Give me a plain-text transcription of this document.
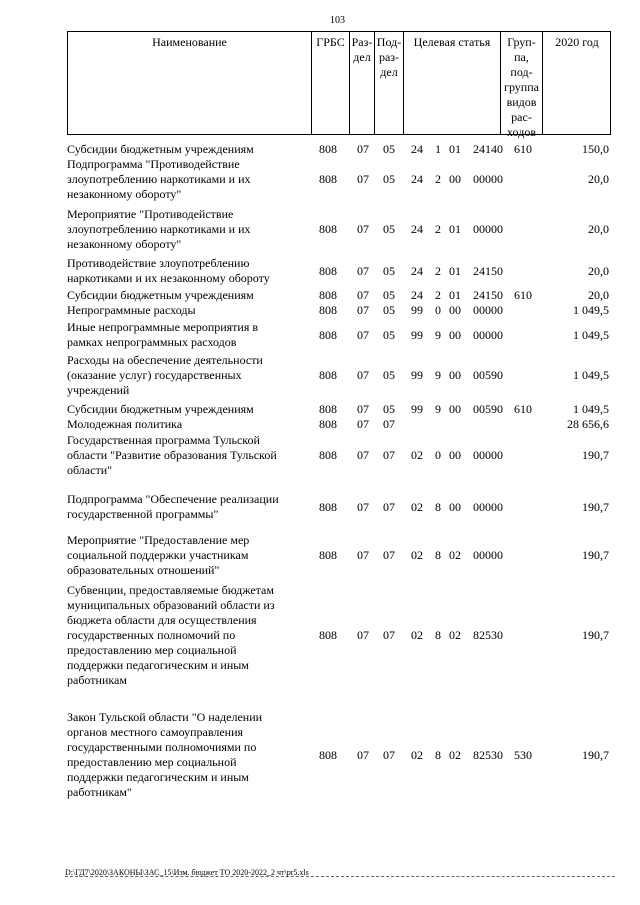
103
Наименование	ГРБС Раз-
дел
Под-
раз-
дел
Целевая статья	Груп-
па,
под-
группа
видов
рас-
ходов
2020 год
Субсидии бюджетным учреждениям	808 07 05 24 1 01 24140 610	150,0
Подпрограмма "Противодействие
злоупотреблению наркотиками и их
незаконному обороту"
808 07 05 24 2 00 00000	20,0
Мероприятие "Противодействие
злоупотреблению наркотиками и их
незаконному обороту"
808 07 05 24 2 01 00000	20,0
Противодействие злоупотреблению
наркотиками и их незаконному обороту	808 07 05 24 2 01 24150	20,0
Субсидии бюджетным учреждениям	808 07 05 24 2 01 24150 610	20,0
Непрограммные расходы	808 07 05 99 0 00 00000	1 049,5
Иные непрограммные мероприятия в
рамках непрограммных расходов	808 07 05 99 9 00 00000	1 049,5
Расходы на обеспечение деятельности
(оказание услуг) государственных
учреждений
808 07 05 99 9 00 00590	1 049,5
Субсидии бюджетным учреждениям	808 07 05 99 9 00 00590 610	1 049,5
Молодежная политика	808 07 07	28 656,6
Государственная программа Тульской
области "Развитие образования Тульской
области"
808 07 07 02 0 00 00000	190,7
Подпрограмма "Обеспечение реализации
государственной программы"	808 07 07 02 8 00 00000	190,7
Мероприятие "Предоставление мер
социальной поддержки участникам
образовательных отношений"
808 07 07 02 8 02 00000	190,7
Субвенции, предоставляемые бюджетам
муниципальных образований области из
бюджета области для осуществления
государственных полномочий по
предоставлению мер социальной
поддержки педагогическим и иным
работникам
808 07 07 02 8 02 82530	190,7
Закон Тульской области "О наделении
органов местного самоуправления
государственными полномочиями по
предоставлению мер социальной
поддержки педагогическим и иным
работникам"
808 07 07 02 8 02 82530 530	190,7
D:\ГД7\2020\ЗАКОНЫ\ЗАС_15\Изм. бюджет ТО 2020-2022_2 чт\pr5.xls
